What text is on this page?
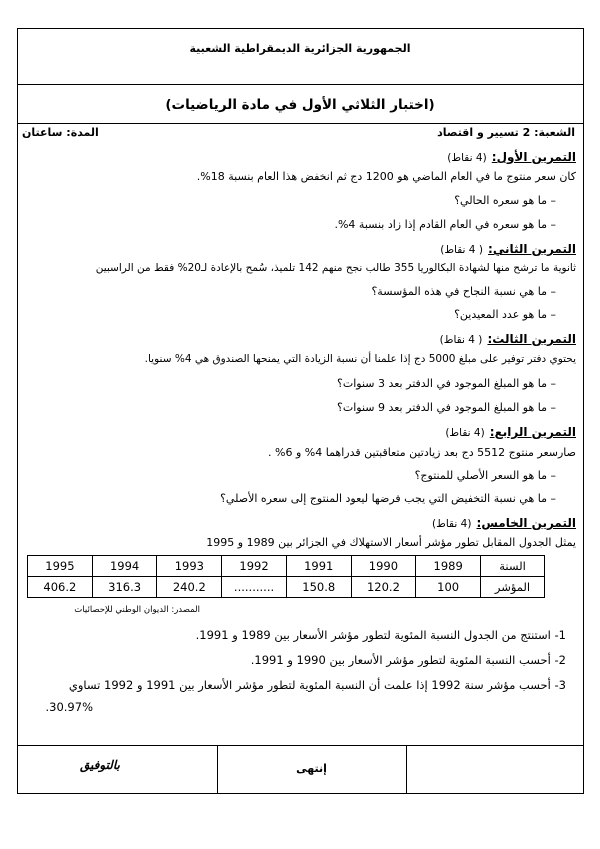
الجمهورية الجزائرية الديمقراطية الشعبية
(اختبار الثلاثي الأول في مادة الرياضيات)
الشعبة: 2 تسيير و اقتصاد
المدة: ساعتان
التمرين الأول: (4 نقاط)
كان سعر منتوج ما في العام الماضي هو 1200 دج ثم انخفض هذا العام بنسبة 18%.
– ما هو سعره الحالي؟
– ما هو سعره في العام القادم إذا زاد بنسبة 4%.
التمرين الثاني: ( 4 نقاط)
ثانوية ما ترشح منها لشهادة البكالوريا 355 طالب نجح منهم 142 تلميذ، سُمح بالإعادة لـ20% فقط من الراسبين
– ما هي نسبة النجاح في هذه المؤسسة؟
– ما هو عدد المعيدين؟
التمرين الثالث: ( 4 نقاط)
يحتوي دفتر توفير على مبلغ 5000 دج إذا علمنا أن نسبة الزيادة التي يمنحها الصندوق هي 4% سنويا.
– ما هو المبلغ الموجود في الدفتر بعد 3 سنوات؟
– ما هو المبلغ الموجود في الدفتر بعد 9 سنوات؟
التمرين الرابع: (4 نقاط)
صارسعر منتوج 5512 دج بعد زيادتين متعاقبتين قدراهما 4% و 6% .
– ما هو السعر الأصلي للمنتوج؟
– ما هي نسبة التخفيض التي يجب فرضها ليعود المنتوج إلى سعره الأصلي؟
التمرين الخامس: (4 نقاط)
يمثل الجدول المقابل تطور مؤشر أسعار الاستهلاك في الجزائر بين 1989 و 1995
السنة	1989	1990	1991	1992	1993	1994	1995
المؤشر	100	120.2	150.8	...........	240.2	316.3	406.2
المصدر: الديوان الوطني للإحصائيات
1- استنتج من الجدول النسبة المئوية لتطور مؤشر الأسعار بين 1989 و 1991.
2- أحسب النسبة المئوية لتطور مؤشر الأسعار بين 1990 و 1991.
3- أحسب مؤشر سنة 1992 إذا علمت أن النسبة المئوية لتطور مؤشر الأسعار بين 1991 و 1992 تساوي
30.97%.
إنتهى
بالتوفيق
